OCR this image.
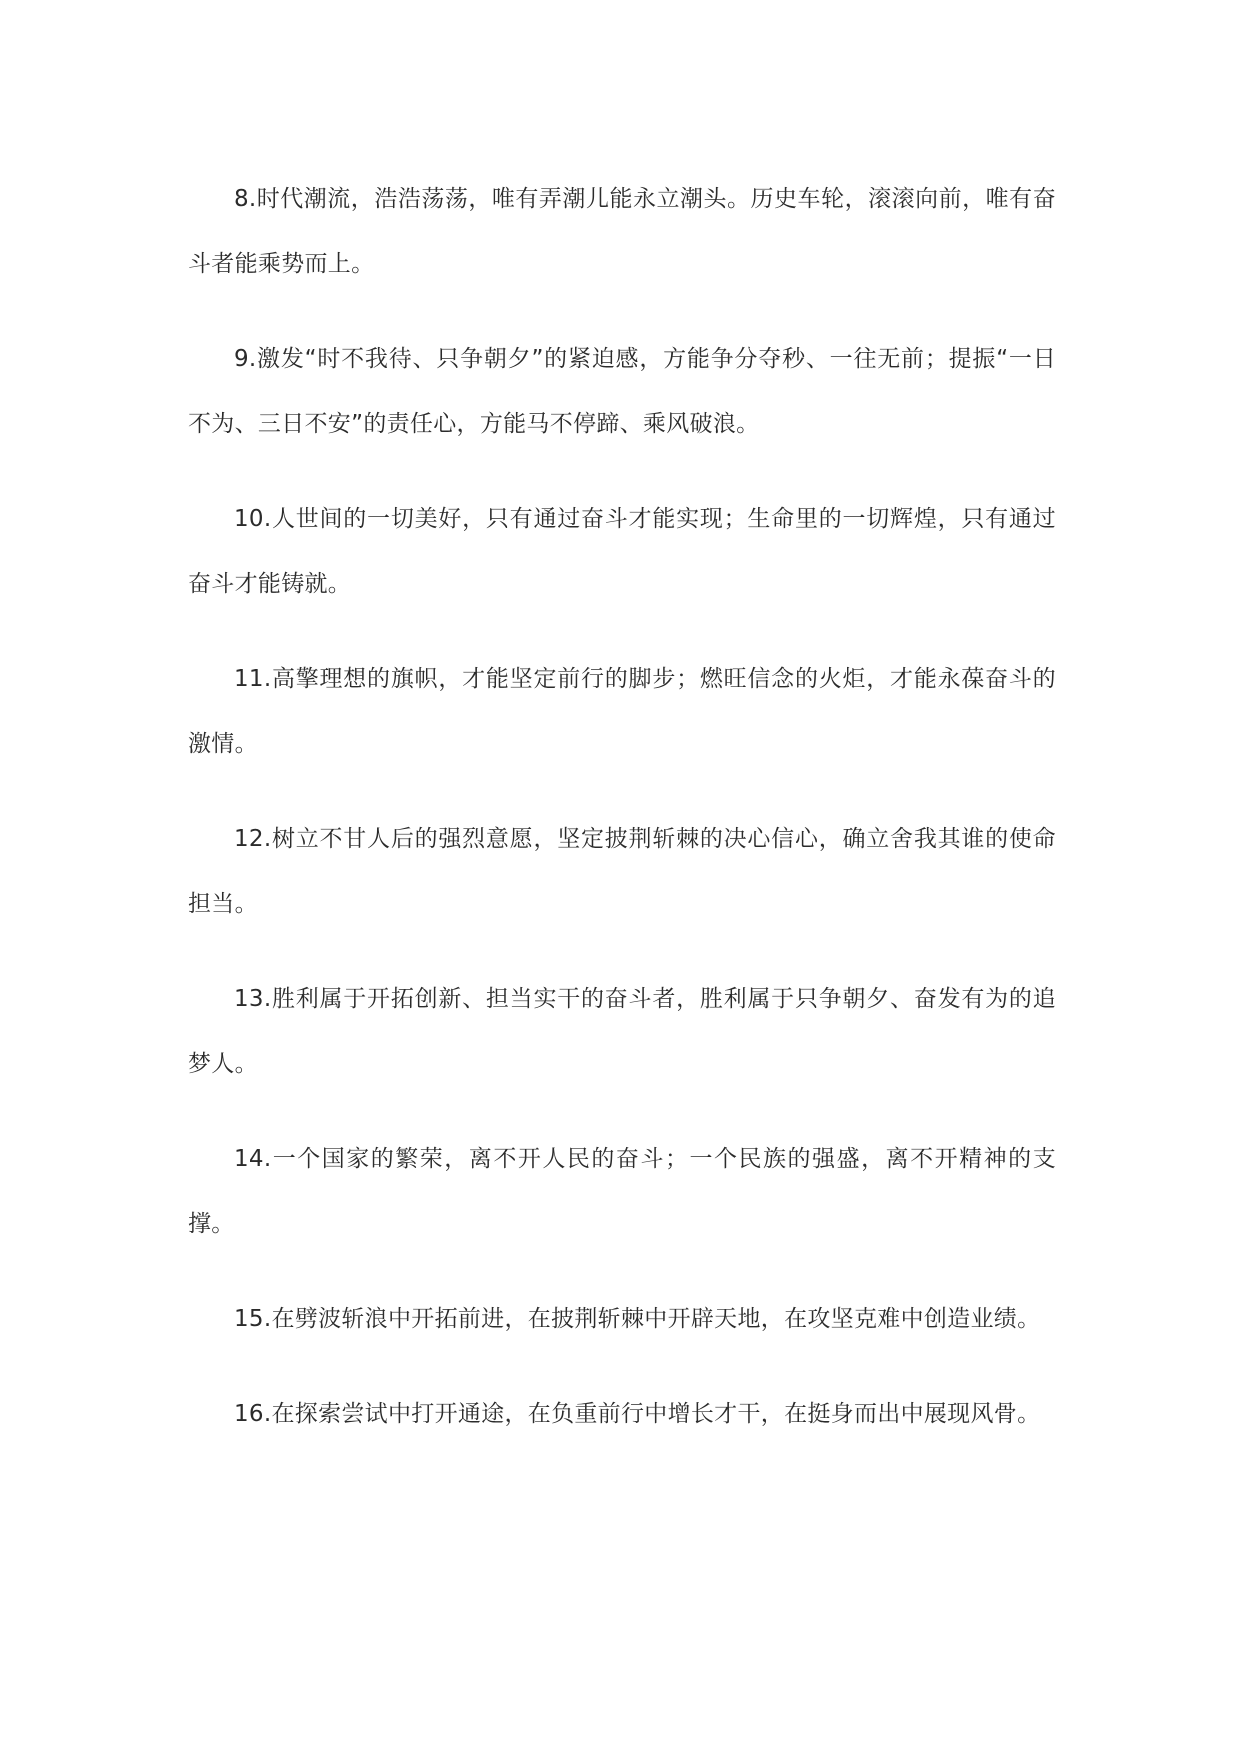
8.时代潮流，浩浩荡荡，唯有弄潮儿能永立潮头。历史车轮，滚滚向前，唯有奋斗者能乘势而上。

9.激发“时不我待、只争朝夕”的紧迫感，方能争分夺秒、一往无前；提振“一日不为、三日不安”的责任心，方能马不停蹄、乘风破浪。

10.人世间的一切美好，只有通过奋斗才能实现；生命里的一切辉煌，只有通过奋斗才能铸就。

11.高擎理想的旗帜，才能坚定前行的脚步；燃旺信念的火炬，才能永葆奋斗的激情。

12.树立不甘人后的强烈意愿，坚定披荆斩棘的决心信心，确立舍我其谁的使命担当。

13.胜利属于开拓创新、担当实干的奋斗者，胜利属于只争朝夕、奋发有为的追梦人。

14.一个国家的繁荣，离不开人民的奋斗；一个民族的强盛，离不开精神的支撑。

15.在劈波斩浪中开拓前进，在披荆斩棘中开辟天地，在攻坚克难中创造业绩。

16.在探索尝试中打开通途，在负重前行中增长才干，在挺身而出中展现风骨。
